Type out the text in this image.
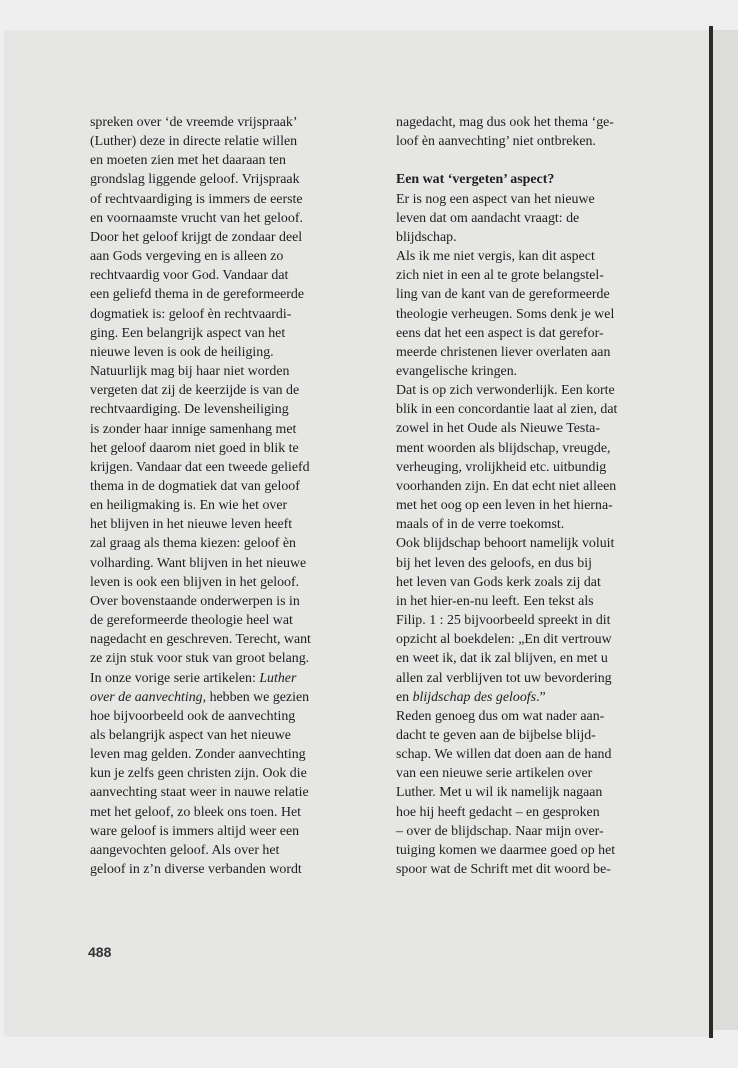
spreken over ‘de vreemde vrijspraak’

(Luther) deze in directe relatie willen

en moeten zien met het daaraan ten

grondslag liggende geloof. Vrijspraak

of rechtvaardiging is immers de eerste

en voornaamste vrucht van het geloof.

Door het geloof krijgt de zondaar deel

aan Gods vergeving en is alleen zo

rechtvaardig voor God. Vandaar dat

een geliefd thema in de gereformeerde

dogmatiek is: geloof èn rechtvaardi-

ging. Een belangrijk aspect van het

nieuwe leven is ook de heiliging.

Natuurlijk mag bij haar niet worden

vergeten dat zij de keerzijde is van de

rechtvaardiging. De levensheiliging

is zonder haar innige samenhang met

het geloof daarom niet goed in blik te

krijgen. Vandaar dat een tweede geliefd

thema in de dogmatiek dat van geloof

en heiligmaking is. En wie het over

het blijven in het nieuwe leven heeft

zal graag als thema kiezen: geloof èn

volharding. Want blijven in het nieuwe

leven is ook een blijven in het geloof.

Over bovenstaande onderwerpen is in

de gereformeerde theologie heel wat

nagedacht en geschreven. Terecht, want

ze zijn stuk voor stuk van groot belang.

In onze vorige serie artikelen: Luther

over de aanvechting, hebben we gezien

hoe bijvoorbeeld ook de aanvechting

als belangrijk aspect van het nieuwe

leven mag gelden. Zonder aanvechting

kun je zelfs geen christen zijn. Ook die

aanvechting staat weer in nauwe relatie

met het geloof, zo bleek ons toen. Het

ware geloof is immers altijd weer een

aangevochten geloof. Als over het

geloof in z’n diverse verbanden wordt

nagedacht, mag dus ook het thema ‘ge-

loof èn aanvechting’ niet ontbreken.

Een wat ‘vergeten’ aspect?

Er is nog een aspect van het nieuwe

leven dat om aandacht vraagt: de

blijdschap.

Als ik me niet vergis, kan dit aspect

zich niet in een al te grote belangstel-

ling van de kant van de gereformeerde

theologie verheugen. Soms denk je wel

eens dat het een aspect is dat gerefor-

meerde christenen liever overlaten aan

evangelische kringen.

Dat is op zich verwonderlijk. Een korte

blik in een concordantie laat al zien, dat

zowel in het Oude als Nieuwe Testa-

ment woorden als blijdschap, vreugde,

verheuging, vrolijkheid etc. uitbundig

voorhanden zijn. En dat echt niet alleen

met het oog op een leven in het hierna-

maals of in de verre toekomst.

Ook blijdschap behoort namelijk voluit

bij het leven des geloofs, en dus bij

het leven van Gods kerk zoals zij dat

in het hier-en-nu leeft. Een tekst als

Filip. 1 : 25 bijvoorbeeld spreekt in dit

opzicht al boekdelen: „En dit vertrouw

en weet ik, dat ik zal blijven, en met u

allen zal verblijven tot uw bevordering

en blijdschap des geloofs.”

Reden genoeg dus om wat nader aan-

dacht te geven aan de bijbelse blijd-

schap. We willen dat doen aan de hand

van een nieuwe serie artikelen over

Luther. Met u wil ik namelijk nagaan

hoe hij heeft gedacht – en gesproken

– over de blijdschap. Naar mijn over-

tuiging komen we daarmee goed op het

spoor wat de Schrift met dit woord be-

488
